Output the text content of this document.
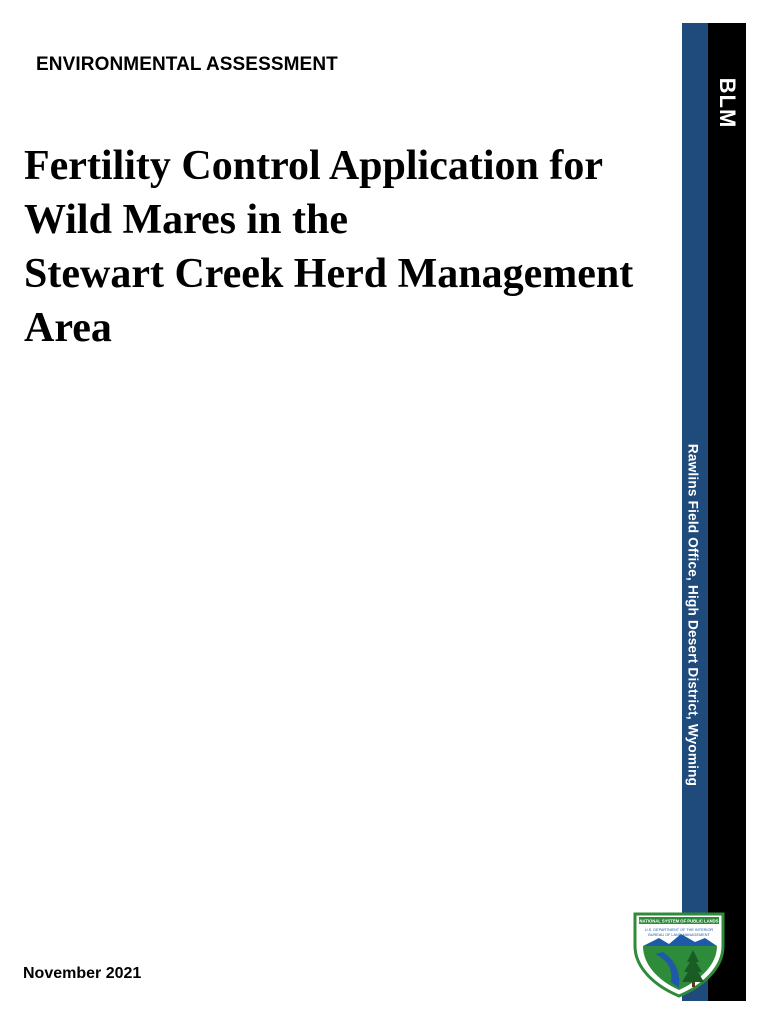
ENVIRONMENTAL ASSESSMENT
Fertility Control Application for
Wild Mares in the
Stewart Creek Herd Management
Area
November 2021
BLM
Rawlins Field Office, High Desert District, Wyoming
NATIONAL SYSTEM OF PUBLIC LANDS
U.S. DEPARTMENT OF THE INTERIOR
BUREAU OF LAND MANAGEMENT
